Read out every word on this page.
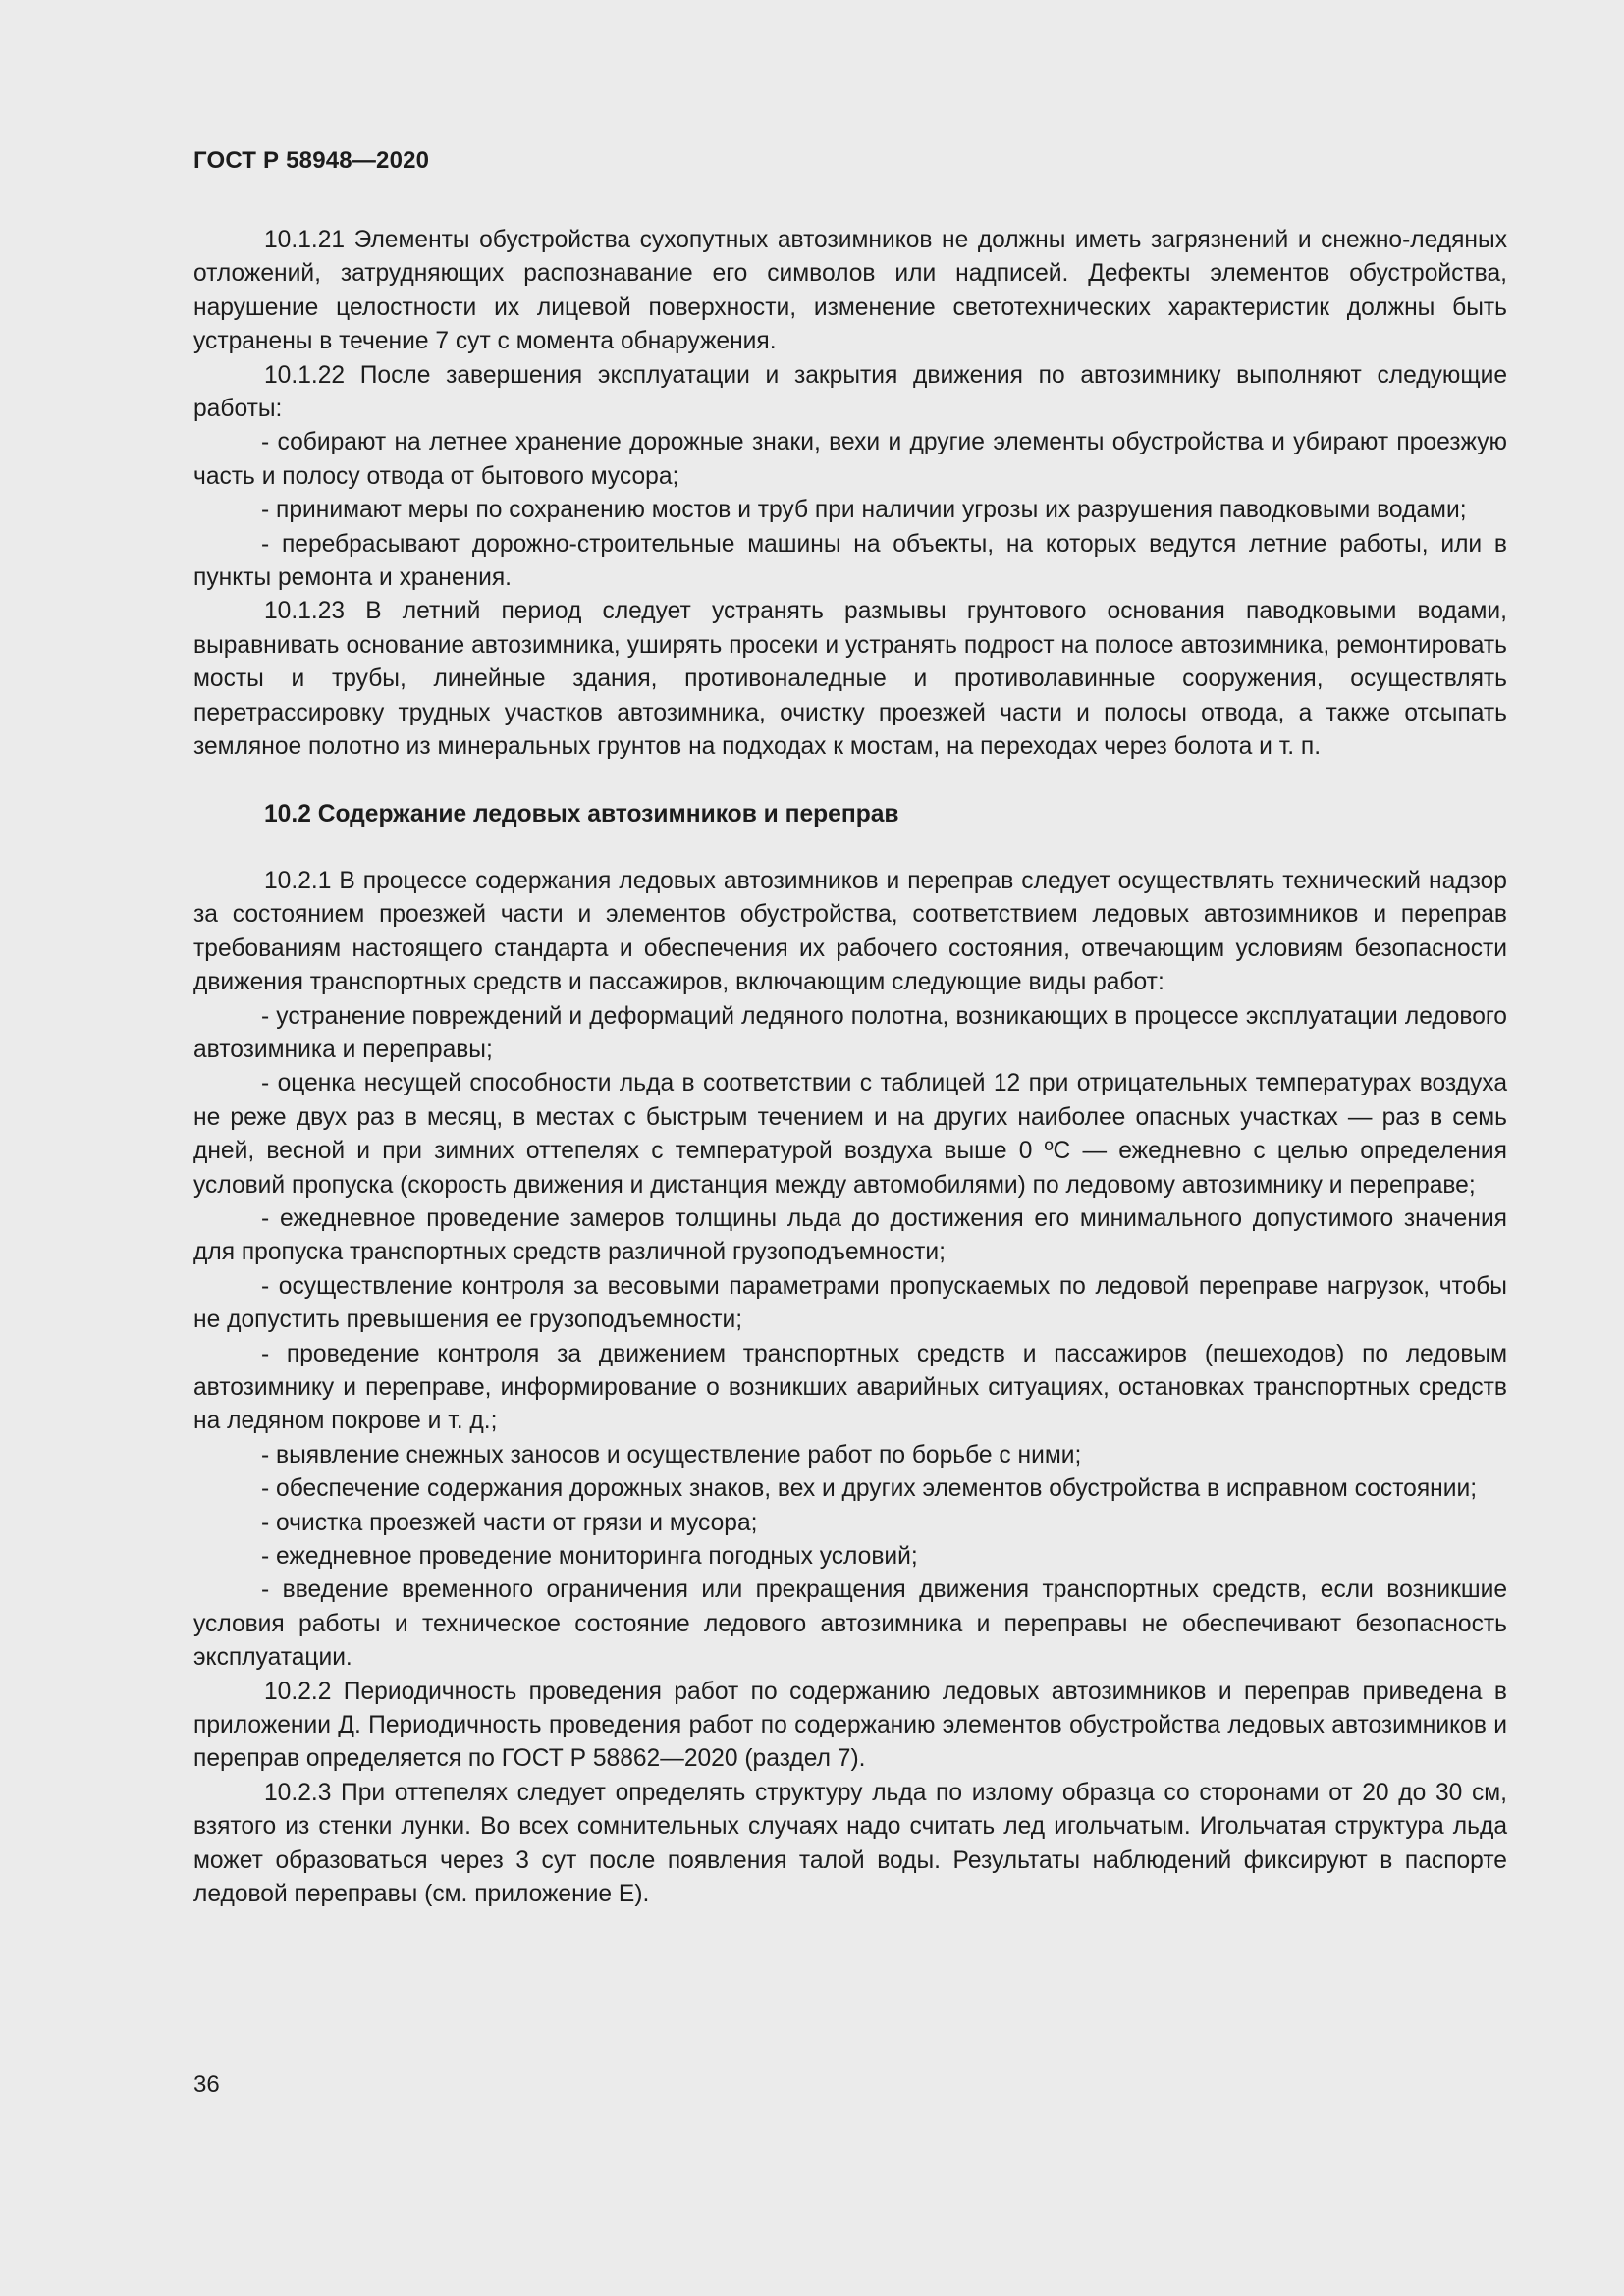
ГОСТ Р 58948—2020

10.1.21 Элементы обустройства сухопутных автозимников не должны иметь загрязнений и снежно-ледяных отложений, затрудняющих распознавание его символов или надписей. Дефекты элементов обустройства, нарушение целостности их лицевой поверхности, изменение светотехнических характеристик должны быть устранены в течение 7 сут с момента обнаружения.

10.1.22 После завершения эксплуатации и закрытия движения по автозимнику выполняют следующие работы:

- собирают на летнее хранение дорожные знаки, вехи и другие элементы обустройства и убирают проезжую часть и полосу отвода от бытового мусора;

- принимают меры по сохранению мостов и труб при наличии угрозы их разрушения паводковыми водами;

- перебрасывают дорожно-строительные машины на объекты, на которых ведутся летние работы, или в пункты ремонта и хранения.

10.1.23 В летний период следует устранять размывы грунтового основания паводковыми водами, выравнивать основание автозимника, уширять просеки и устранять подрост на полосе автозимника, ремонтировать мосты и трубы, линейные здания, противоналедные и противолавинные сооружения, осуществлять перетрассировку трудных участков автозимника, очистку проезжей части и полосы отвода, а также отсыпать земляное полотно из минеральных грунтов на подходах к мостам, на переходах через болота и т. п.

10.2 Содержание ледовых автозимников и переправ

10.2.1 В процессе содержания ледовых автозимников и переправ следует осуществлять технический надзор за состоянием проезжей части и элементов обустройства, соответствием ледовых автозимников и переправ требованиям настоящего стандарта и обеспечения их рабочего состояния, отвечающим условиям безопасности движения транспортных средств и пассажиров, включающим следующие виды работ:

- устранение повреждений и деформаций ледяного полотна, возникающих в процессе эксплуатации ледового автозимника и переправы;

- оценка несущей способности льда в соответствии с таблицей 12 при отрицательных температурах воздуха не реже двух раз в месяц, в местах с быстрым течением и на других наиболее опасных участках — раз в семь дней, весной и при зимних оттепелях с температурой воздуха выше 0 ºС — ежедневно с целью определения условий пропуска (скорость движения и дистанция между автомобилями) по ледовому автозимнику и переправе;

- ежедневное проведение замеров толщины льда до достижения его минимального допустимого значения для пропуска транспортных средств различной грузоподъемности;

- осуществление контроля за весовыми параметрами пропускаемых по ледовой переправе нагрузок, чтобы не допустить превышения ее грузоподъемности;

- проведение контроля за движением транспортных средств и пассажиров (пешеходов) по ледовым автозимнику и переправе, информирование о возникших аварийных ситуациях, остановках транспортных средств на ледяном покрове и т. д.;

- выявление снежных заносов и осуществление работ по борьбе с ними;

- обеспечение содержания дорожных знаков, вех и других элементов обустройства в исправном состоянии;

- очистка проезжей части от грязи и мусора;

- ежедневное проведение мониторинга погодных условий;

- введение временного ограничения или прекращения движения транспортных средств, если возникшие условия работы и техническое состояние ледового автозимника и переправы не обеспечивают безопасность эксплуатации.

10.2.2 Периодичность проведения работ по содержанию ледовых автозимников и переправ приведена в приложении Д. Периодичность проведения работ по содержанию элементов обустройства ледовых автозимников и переправ определяется по ГОСТ Р 58862—2020 (раздел 7).

10.2.3 При оттепелях следует определять структуру льда по излому образца со сторонами от 20 до 30 см, взятого из стенки лунки. Во всех сомнительных случаях надо считать лед игольчатым. Игольчатая структура льда может образоваться через 3 сут после появления талой воды. Результаты наблюдений фиксируют в паспорте ледовой переправы (см. приложение Е).

36
